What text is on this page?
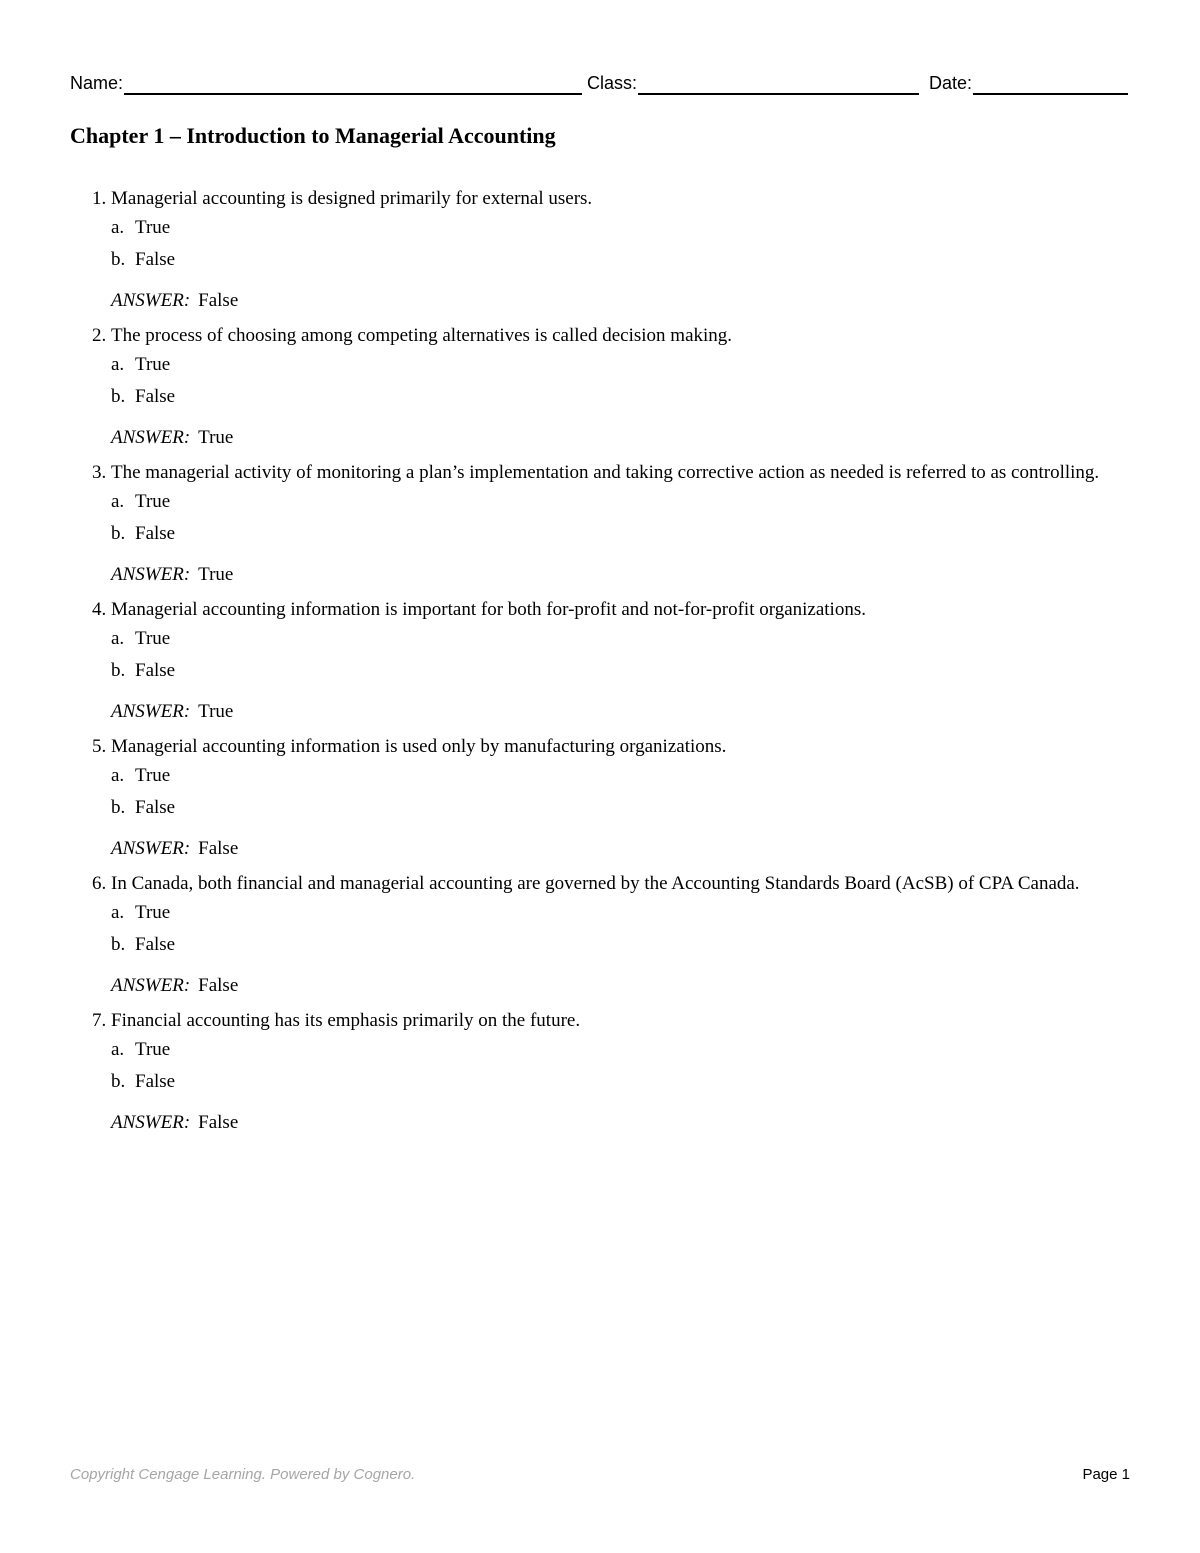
Name:	Class:	Date:
Chapter 1 – Introduction to Managerial Accounting
1. Managerial accounting is designed primarily for external users.
a. True
b. False
ANSWER: False
2. The process of choosing among competing alternatives is called decision making.
a. True
b. False
ANSWER: True
3. The managerial activity of monitoring a plan’s implementation and taking corrective action as needed is referred to as controlling.
a. True
b. False
ANSWER: True
4. Managerial accounting information is important for both for-profit and not-for-profit organizations.
a. True
b. False
ANSWER: True
5. Managerial accounting information is used only by manufacturing organizations.
a. True
b. False
ANSWER: False
6. In Canada, both financial and managerial accounting are governed by the Accounting Standards Board (AcSB) of CPA Canada.
a. True
b. False
ANSWER: False
7. Financial accounting has its emphasis primarily on the future.
a. True
b. False
ANSWER: False
Copyright Cengage Learning. Powered by Cognero.	Page 1
